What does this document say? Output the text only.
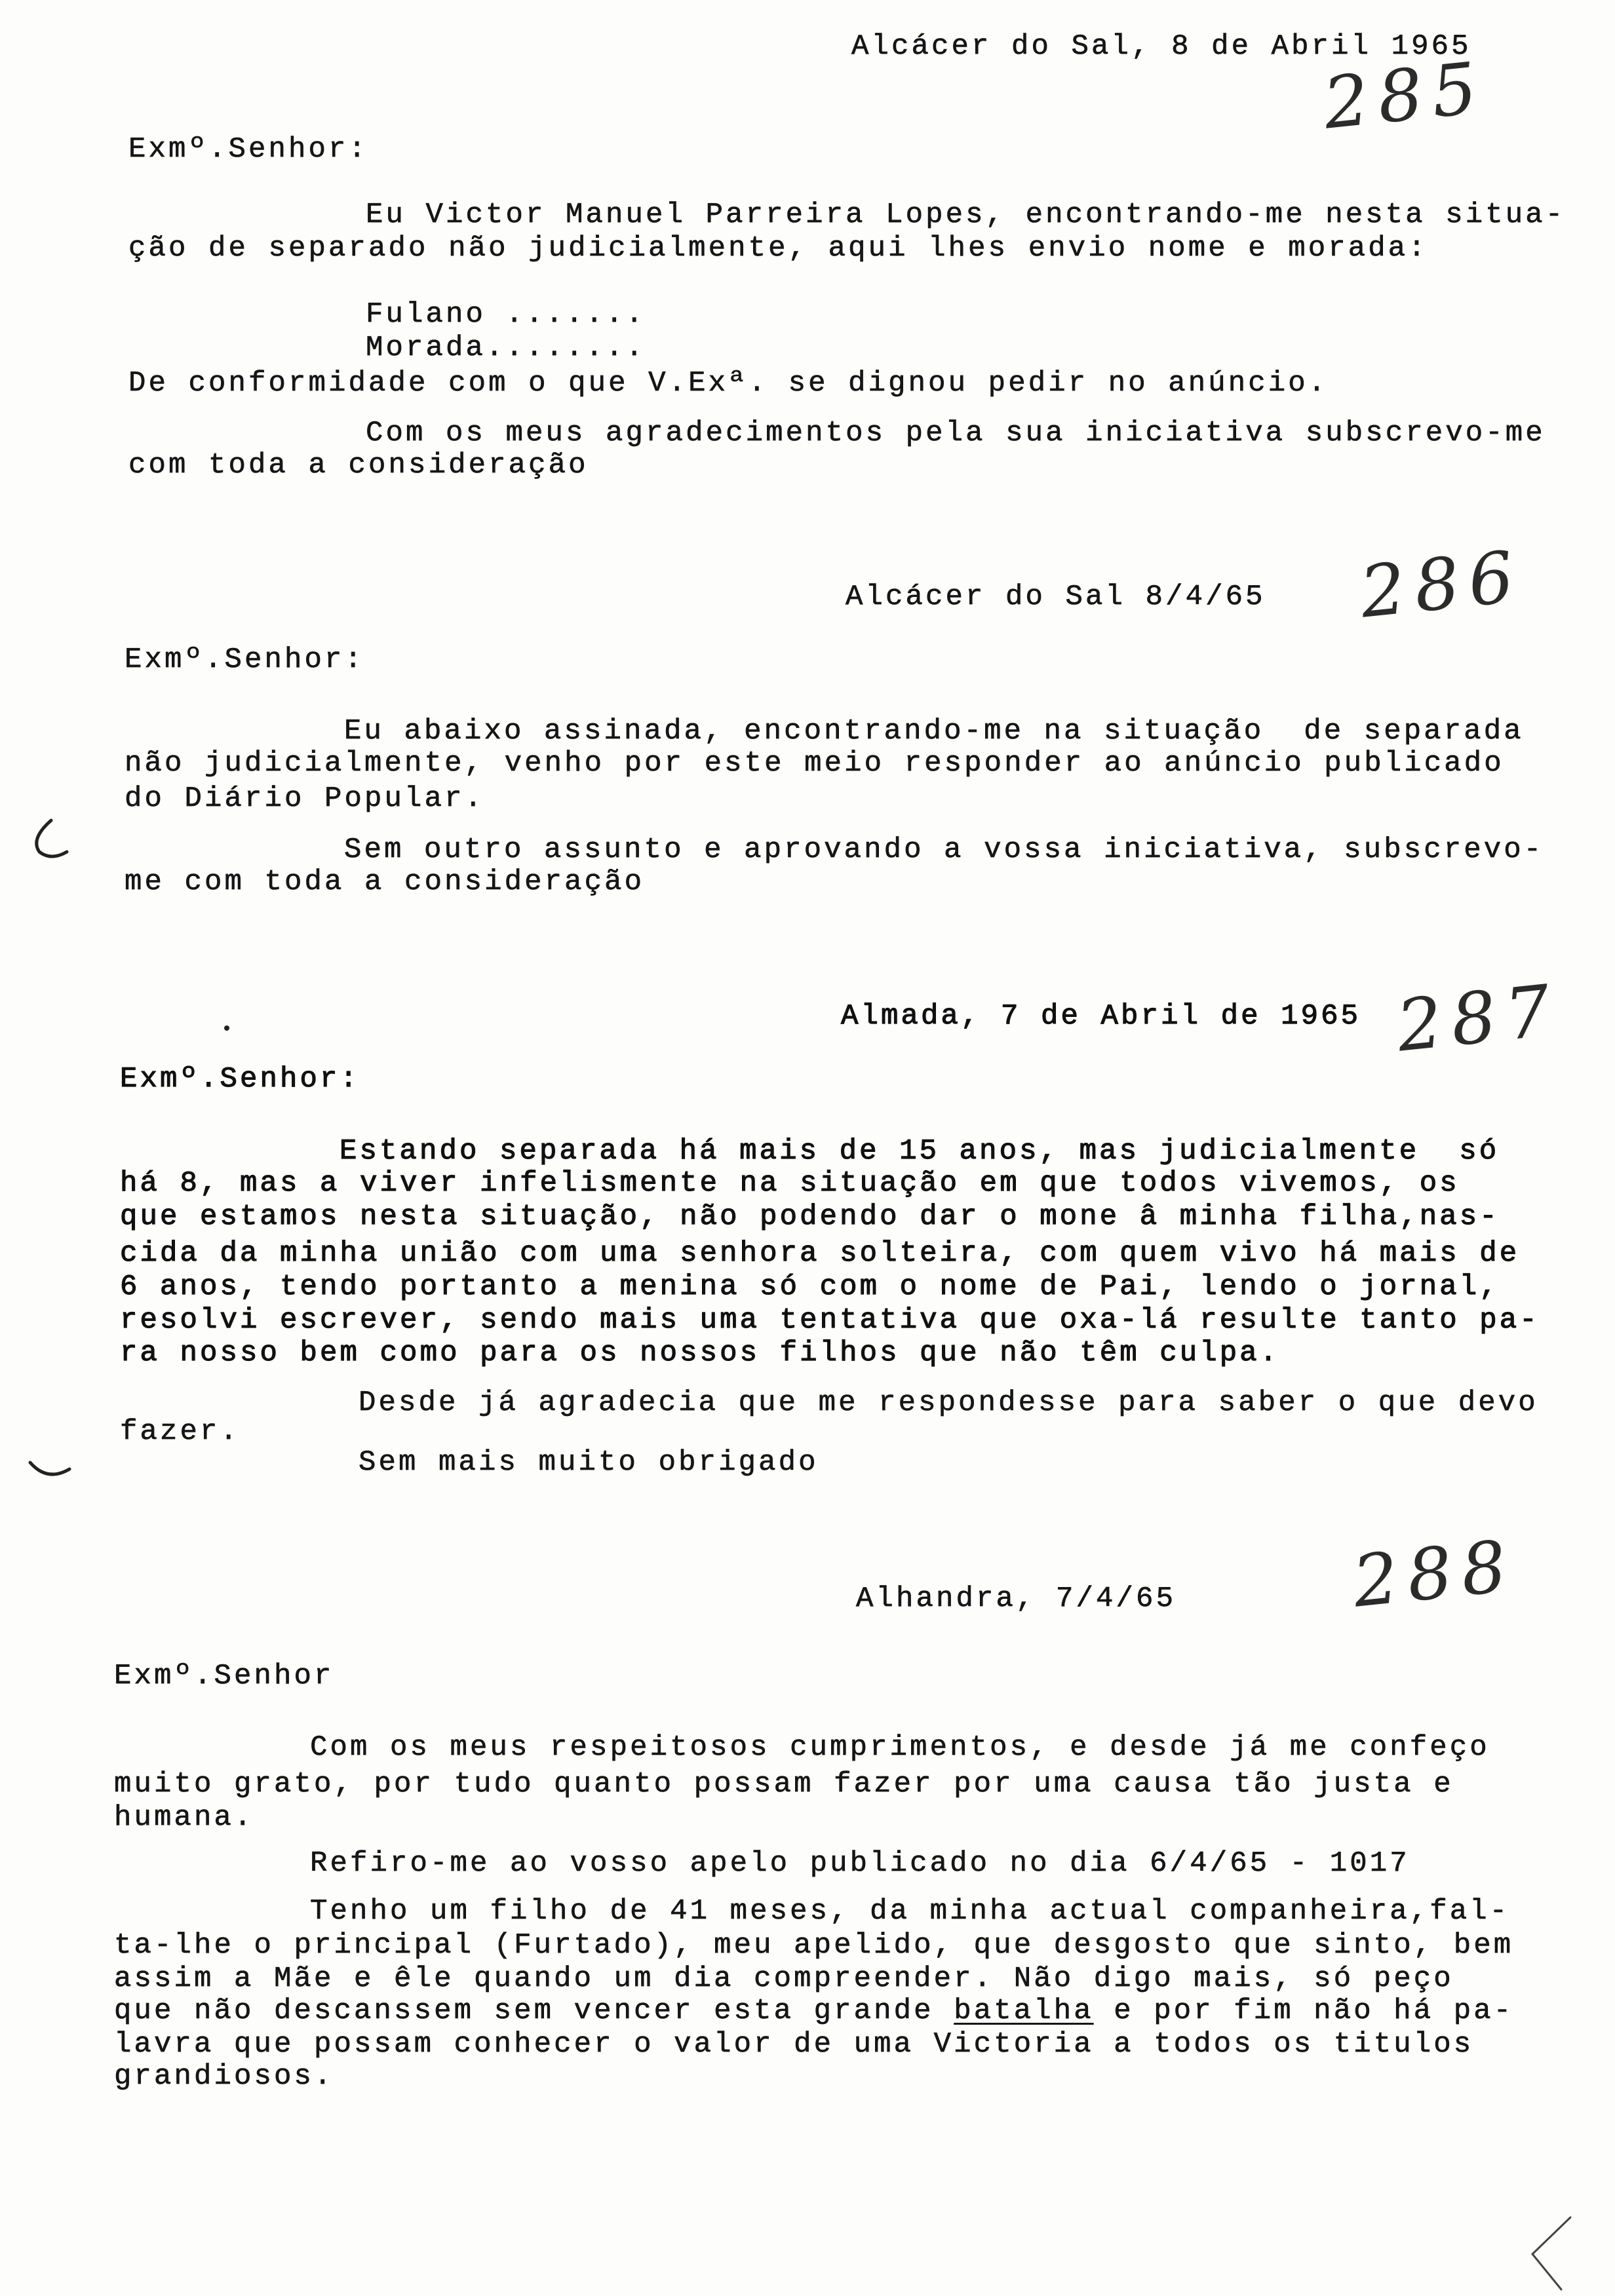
Alcácer do Sal, 8 de Abril 1965
285
Exmº.Senhor:
Eu Victor Manuel Parreira Lopes, encontrando-me nesta situa-
ção de separado não judicialmente, aqui lhes envio nome e morada:
Fulano .......
Morada........
De conformidade com o que V.Exª. se dignou pedir no anúncio.
Com os meus agradecimentos pela sua iniciativa subscrevo-me
com toda a consideração
Alcácer do Sal 8/4/65 286
Exmº.Senhor:
Eu abaixo assinada, encontrando-me na situação  de separada
não judicialmente, venho por este meio responder ao anúncio publicado
do Diário Popular.
Sem outro assunto e aprovando a vossa iniciativa, subscrevo-
me com toda a consideração
Almada, 7 de Abril de 1965 287
Exmº.Senhor:
Estando separada há mais de 15 anos, mas judicialmente  só
há 8, mas a viver infelismente na situação em que todos vivemos, os
que estamos nesta situação, não podendo dar o mone â minha filha,nas-
cida da minha união com uma senhora solteira, com quem vivo há mais de
6 anos, tendo portanto a menina só com o nome de Pai, lendo o jornal,
resolvi escrever, sendo mais uma tentativa que oxa-lá resulte tanto pa-
ra nosso bem como para os nossos filhos que não têm culpa.
Desde já agradecia que me respondesse para saber o que devo
fazer.
Sem mais muito obrigado
Alhandra, 7/4/65 288
Exmº.Senhor
Com os meus respeitosos cumprimentos, e desde já me confeço
muito grato, por tudo quanto possam fazer por uma causa tão justa e
humana.
Refiro-me ao vosso apelo publicado no dia 6/4/65 - 1017
Tenho um filho de 41 meses, da minha actual companheira,fal-
ta-lhe o principal (Furtado), meu apelido, que desgosto que sinto, bem
assim a Mãe e êle quando um dia compreender. Não digo mais, só peço
que não descanssem sem vencer esta grande batalha e por fim não há pa-
lavra que possam conhecer o valor de uma Victoria a todos os titulos
grandiosos.
